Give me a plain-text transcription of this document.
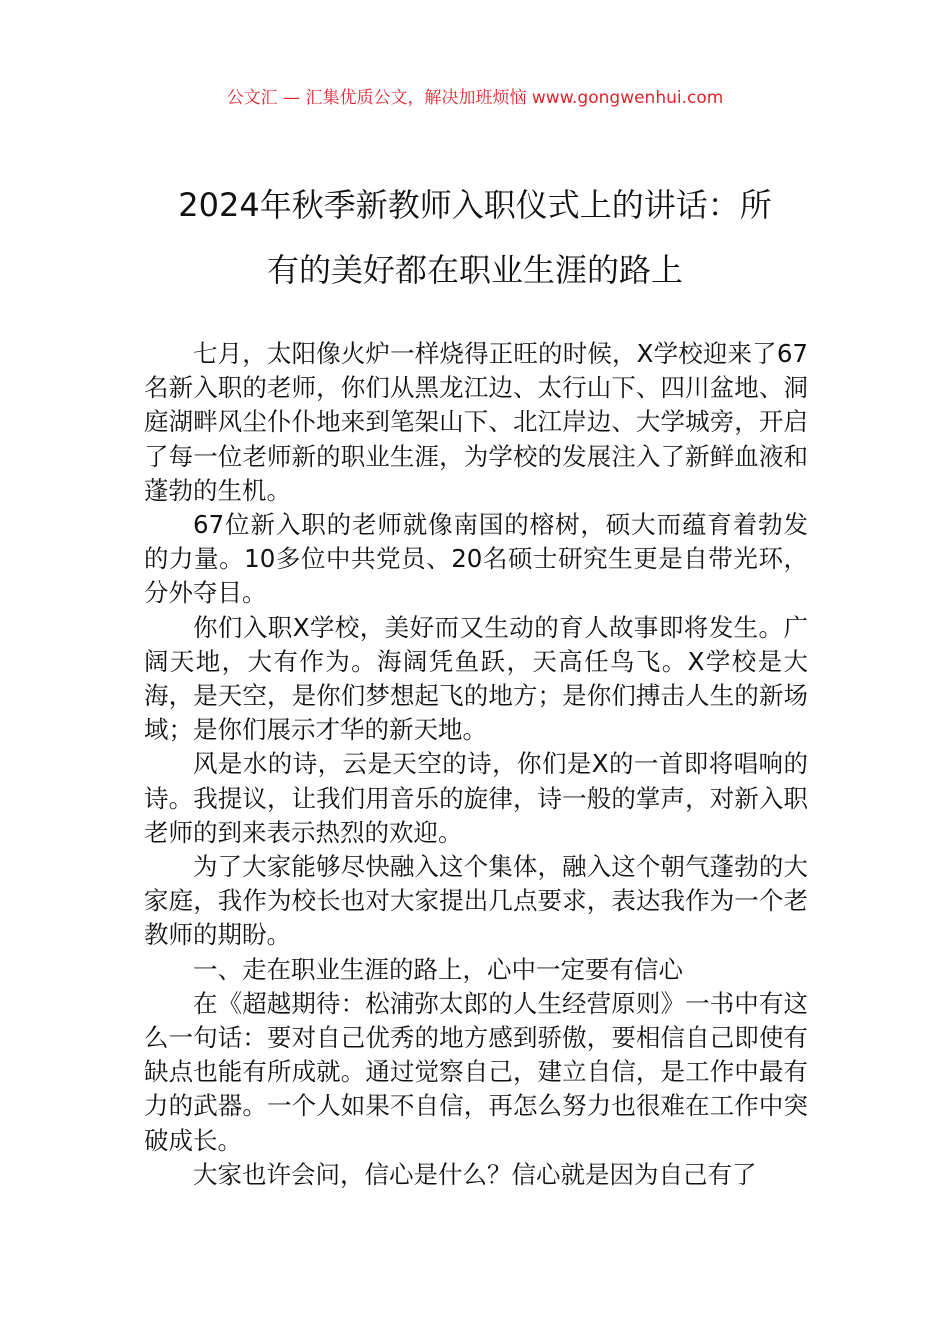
公文汇 — 汇集优质公文，解决加班烦恼 www.gongwenhui.com
2024年秋季新教师入职仪式上的讲话：所
有的美好都在职业生涯的路上

七月，太阳像火炉一样烧得正旺的时候，X学校迎来了67名新入职的老师，你们从黑龙江边、太行山下、四川盆地、洞庭湖畔风尘仆仆地来到笔架山下、北江岸边、大学城旁，开启了每一位老师新的职业生涯，为学校的发展注入了新鲜血液和蓬勃的生机。

67位新入职的老师就像南国的榕树，硕大而蕴育着勃发的力量。10多位中共党员、20名硕士研究生更是自带光环，分外夺目。

你们入职X学校，美好而又生动的育人故事即将发生。广阔天地，大有作为。海阔凭鱼跃，天高任鸟飞。X学校是大海，是天空，是你们梦想起飞的地方；是你们搏击人生的新场域；是你们展示才华的新天地。

风是水的诗，云是天空的诗，你们是X的一首即将唱响的诗。我提议，让我们用音乐的旋律，诗一般的掌声，对新入职老师的到来表示热烈的欢迎。

为了大家能够尽快融入这个集体，融入这个朝气蓬勃的大家庭，我作为校长也对大家提出几点要求，表达我作为一个老教师的期盼。

一、走在职业生涯的路上，心中一定要有信心

在《超越期待：松浦弥太郎的人生经营原则》一书中有这么一句话：要对自己优秀的地方感到骄傲，要相信自己即使有缺点也能有所成就。通过觉察自己，建立自信，是工作中最有力的武器。一个人如果不自信，再怎么努力也很难在工作中突破成长。

大家也许会问，信心是什么？信心就是因为自己有了
